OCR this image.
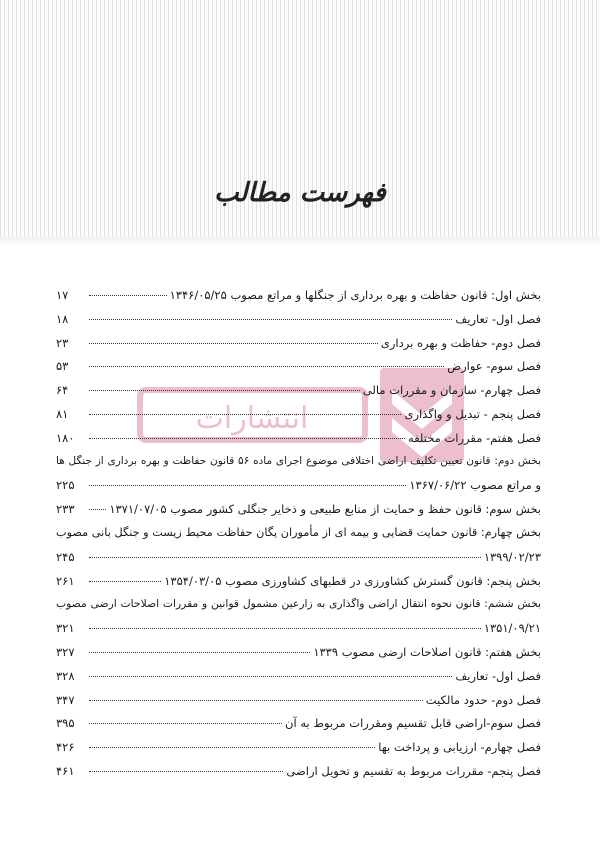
فهرست مطالب
انتشارات
بخش اول: قانون حفاظت و بهره برداری از جنگلها و مراتع مصوب ۱۳۴۶/۰۵/۲۵
۱۷
فصل اول- تعاریف
۱۸
فصل دوم- حفاظت و بهره برداری
۲۳
فصل سوم- عوارض
۵۳
فصل چهارم- سازمان و مقررات مالی
۶۴
فصل پنجم - تبدیل و واگذاری
۸۱
فصل هفتم- مقررات مختلفه
۱۸۰
بخش دوم: قانون تعیین تکلیف اراضی اختلافی موضوع اجرای ماده ۵۶ قانون حفاظت و بهره برداری از جنگل ها
و مراتع مصوب ۱۳۶۷/۰۶/۲۲
۲۲۵
بخش سوم: قانون حفظ و حمایت از منابع طبیعی و ذخایر جنگلی کشور مصوب ۱۳۷۱/۰۷/۰۵
۲۳۳
بخش چهارم: قانون حمایت قضایی و بیمه ای از مأموران یگان حفاظت محیط زیست و جنگل بانی مصوب
۱۳۹۹/۰۲/۲۳
۲۴۵
بخش پنجم: قانون گسترش کشاورزی در قطبهای کشاورزی مصوب ۱۳۵۴/۰۳/۰۵
۲۶۱
بخش ششم: قانون نحوه انتقال اراضی واگذاری به زارعین مشمول قوانین و مقررات اصلاحات ارضی مصوب
۱۳۵۱/۰۹/۲۱
۳۲۱
بخش هفتم: قانون اصلاحات ارضی مصوب ۱۳۳۹
۳۲۷
فصل اول- تعاریف
۳۲۸
فصل دوم- حدود مالکیت
۳۴۷
فصل سوم-اراضی قابل تقسیم ومقررات مربوط به آن
۳۹۵
فصل چهارم- ارزیابی و پرداخت بها
۴۲۶
فصل پنجم- مقررات مربوط به تقسیم و تحویل اراضی
۴۶۱
